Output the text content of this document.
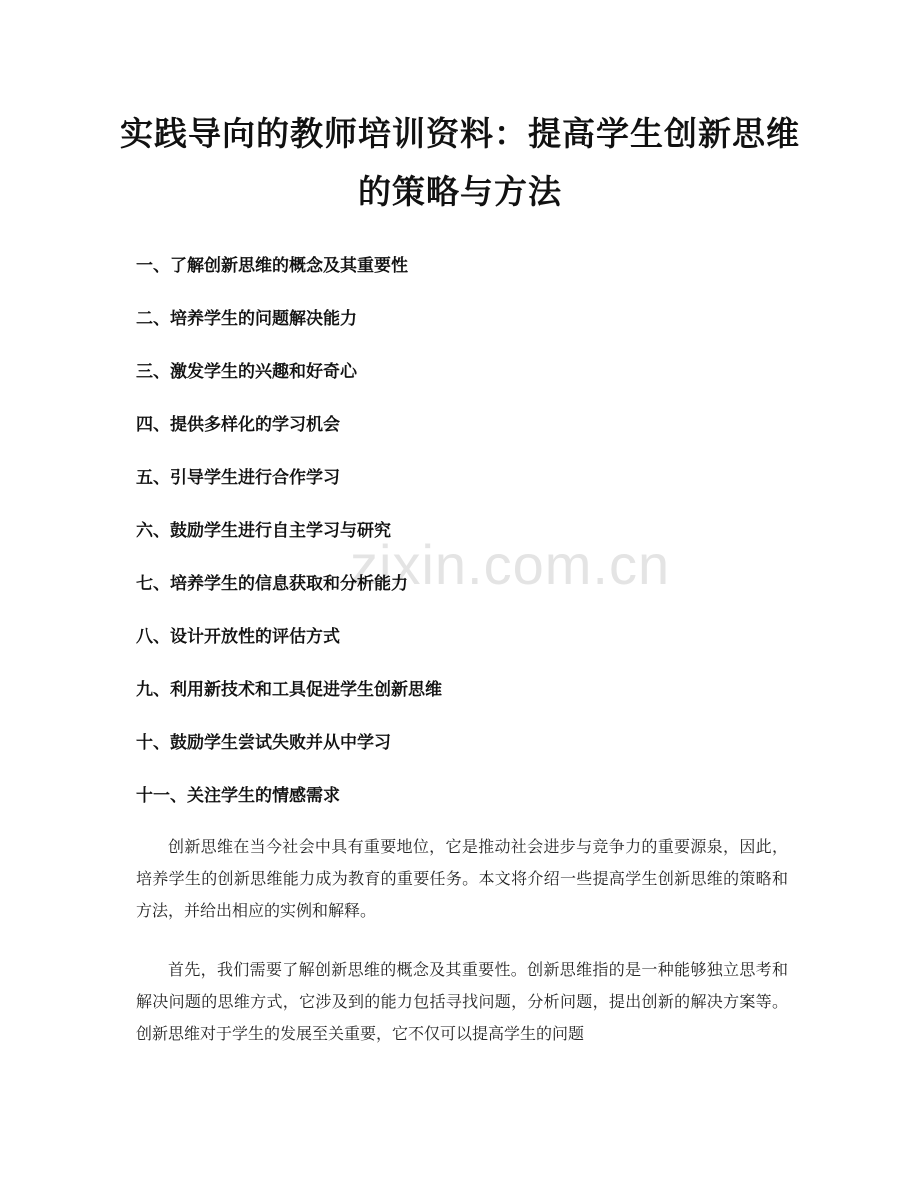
zixin.com.cn
实践导向的教师培训资料：提高学生创新思维的策略与方法
一、了解创新思维的概念及其重要性
二、培养学生的问题解决能力
三、激发学生的兴趣和好奇心
四、提供多样化的学习机会
五、引导学生进行合作学习
六、鼓励学生进行自主学习与研究
七、培养学生的信息获取和分析能力
八、设计开放性的评估方式
九、利用新技术和工具促进学生创新思维
十、鼓励学生尝试失败并从中学习
十一、关注学生的情感需求

创新思维在当今社会中具有重要地位，它是推动社会进步与竞争力的重要源泉，因此，培养学生的创新思维能力成为教育的重要任务。本文将介绍一些提高学生创新思维的策略和方法，并给出相应的实例和解释。

首先，我们需要了解创新思维的概念及其重要性。创新思维指的是一种能够独立思考和解决问题的思维方式，它涉及到的能力包括寻找问题，分析问题，提出创新的解决方案等。创新思维对于学生的发展至关重要，它不仅可以提高学生的问题
